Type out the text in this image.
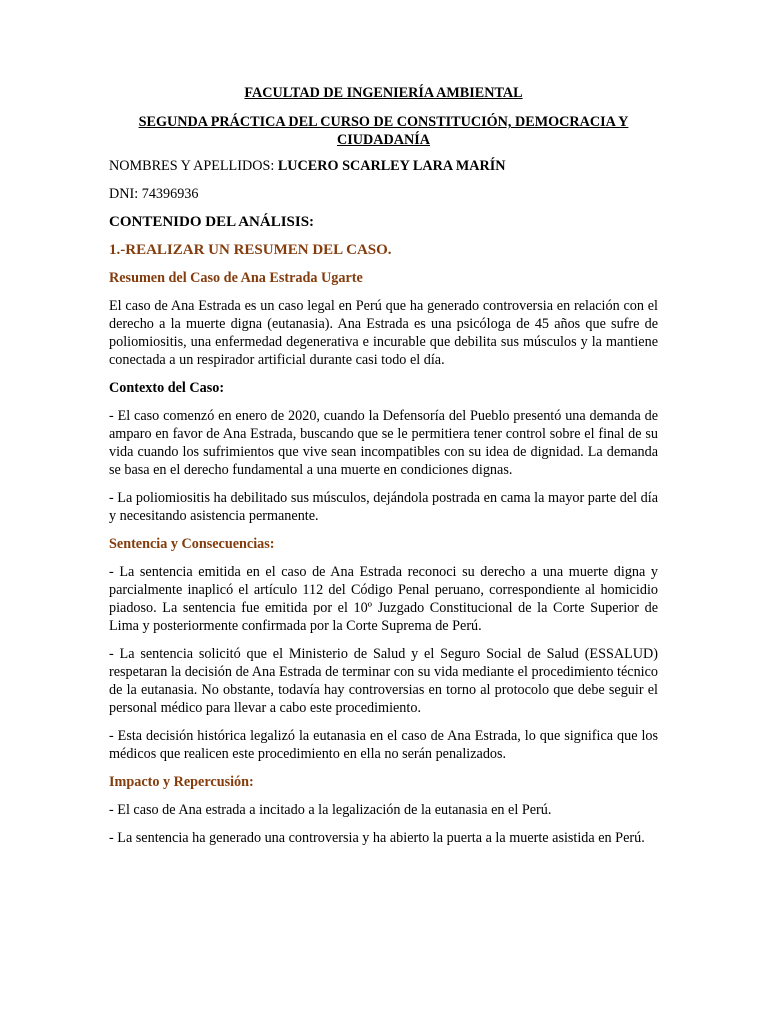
FACULTAD DE INGENIERÍA AMBIENTAL
SEGUNDA PRÁCTICA DEL CURSO DE CONSTITUCIÓN, DEMOCRACIA Y CIUDADANÍA
NOMBRES Y APELLIDOS: LUCERO SCARLEY LARA MARÍN
DNI: 74396936
CONTENIDO DEL ANÁLISIS:
1.-REALIZAR UN RESUMEN DEL CASO.
Resumen del Caso de Ana Estrada Ugarte

El caso de Ana Estrada es un caso legal en Perú que ha generado controversia en relación con el derecho a la muerte digna (eutanasia). Ana Estrada es una psicóloga de 45 años que sufre de poliomiositis, una enfermedad degenerativa e incurable que debilita sus músculos y la mantiene conectada a un respirador artificial durante casi todo el día.

Contexto del Caso:

- El caso comenzó en enero de 2020, cuando la Defensoría del Pueblo presentó una demanda de amparo en favor de Ana Estrada, buscando que se le permitiera tener control sobre el final de su vida cuando los sufrimientos que vive sean incompatibles con su idea de dignidad. La demanda se basa en el derecho fundamental a una muerte en condiciones dignas.

- La poliomiositis ha debilitado sus músculos, dejándola postrada en cama la mayor parte del día y necesitando asistencia permanente.

Sentencia y Consecuencias:

- La sentencia emitida en el caso de Ana Estrada reconoci su derecho a una muerte digna y parcialmente inaplicó el artículo 112 del Código Penal peruano, correspondiente al homicidio piadoso. La sentencia fue emitida por el 10º Juzgado Constitucional de la Corte Superior de Lima y posteriormente confirmada por la Corte Suprema de Perú.

- La sentencia solicitó que el Ministerio de Salud y el Seguro Social de Salud (ESSALUD) respetaran la decisión de Ana Estrada de terminar con su vida mediante el procedimiento técnico de la eutanasia. No obstante, todavía hay controversias en torno al protocolo que debe seguir el personal médico para llevar a cabo este procedimiento.

- Esta decisión histórica legalizó la eutanasia en el caso de Ana Estrada, lo que significa que los médicos que realicen este procedimiento en ella no serán penalizados.

Impacto y Repercusión:

- El caso de Ana estrada a incitado a la legalización de la eutanasia en el Perú.

- La sentencia ha generado una controversia y ha abierto la puerta a la muerte asistida en Perú.
